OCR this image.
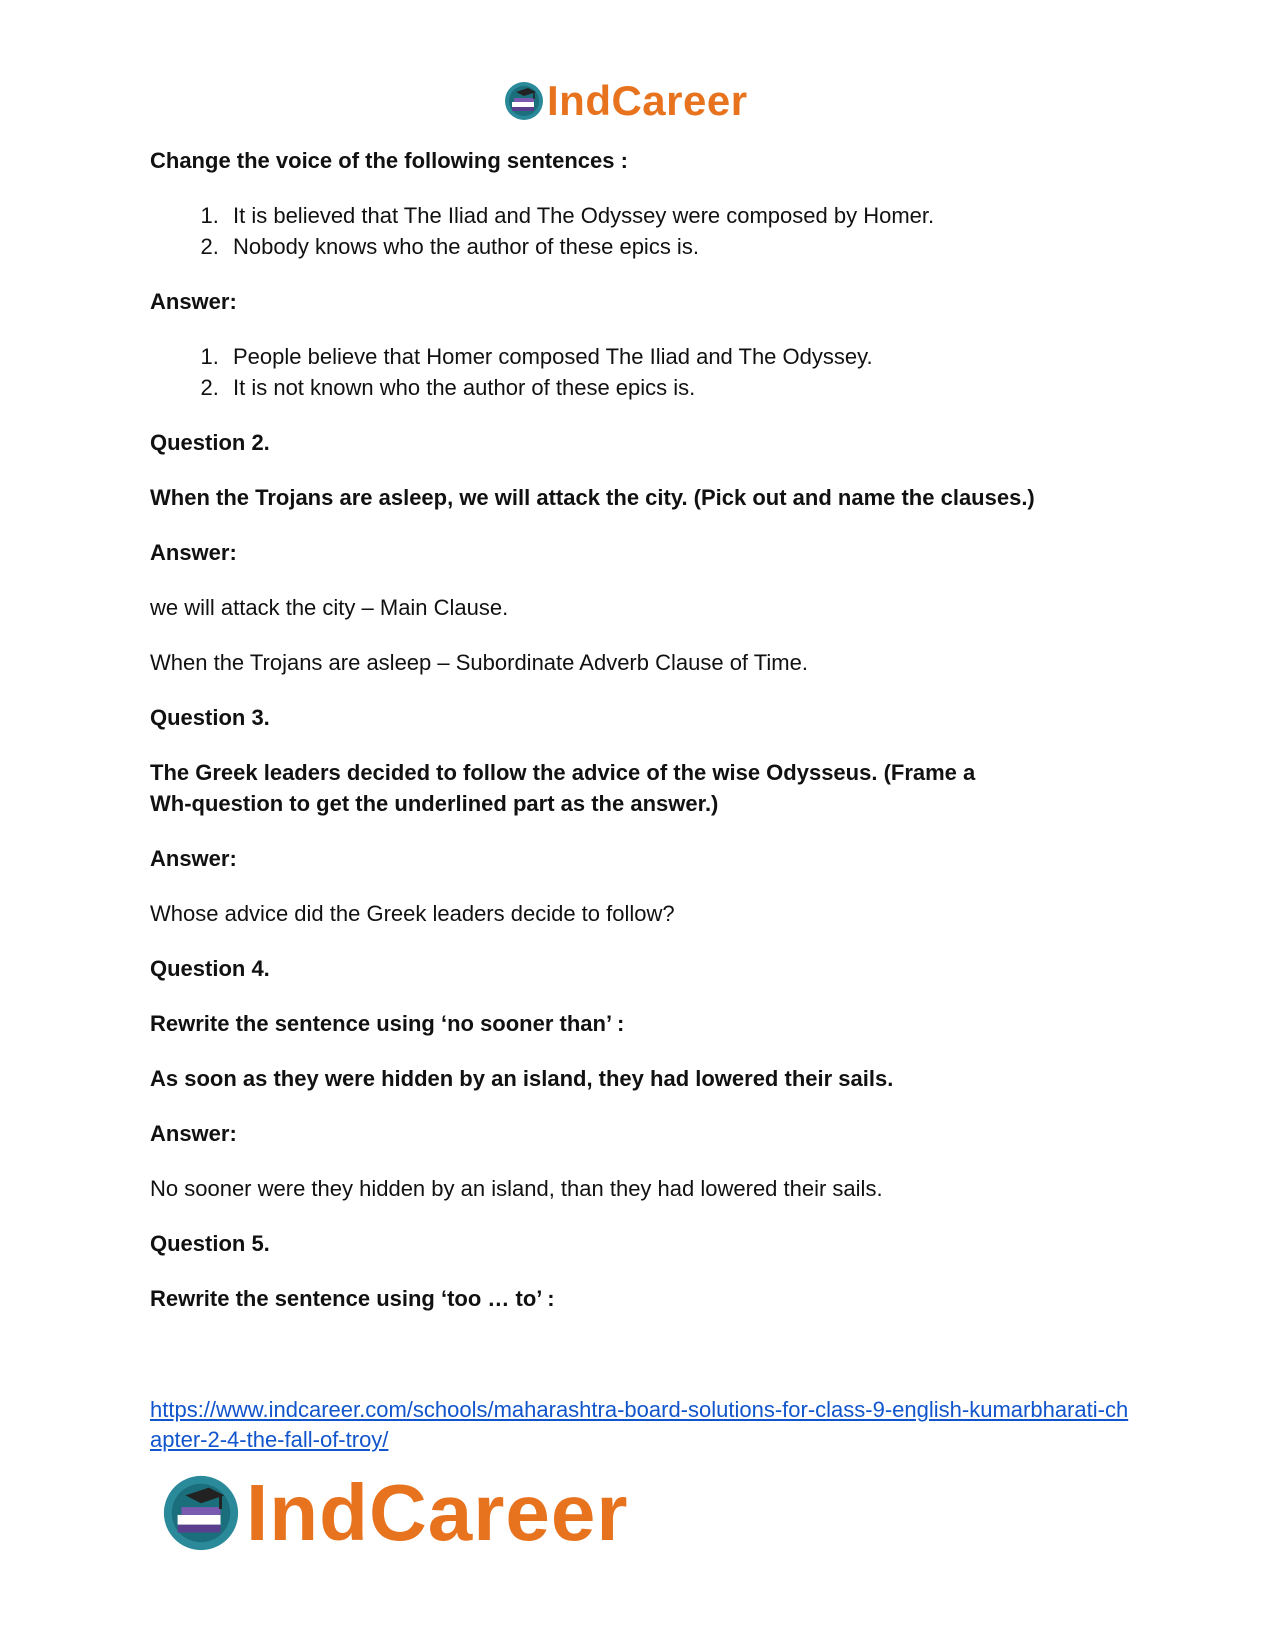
IndCareer

Change the voice of the following sentences :

1. It is believed that The Iliad and The Odyssey were composed by Homer.
2. Nobody knows who the author of these epics is.

Answer:

1. People believe that Homer composed The Iliad and The Odyssey.
2. It is not known who the author of these epics is.

Question 2.

When the Trojans are asleep, we will attack the city. (Pick out and name the clauses.)

Answer:

we will attack the city – Main Clause.

When the Trojans are asleep – Subordinate Adverb Clause of Time.

Question 3.

The Greek leaders decided to follow the advice of the wise Odysseus. (Frame a Wh-question to get the underlined part as the answer.)

Answer:

Whose advice did the Greek leaders decide to follow?

Question 4.

Rewrite the sentence using ‘no sooner than’ :

As soon as they were hidden by an island, they had lowered their sails.

Answer:

No sooner were they hidden by an island, than they had lowered their sails.

Question 5.

Rewrite the sentence using ‘too … to’ :

https://www.indcareer.com/schools/maharashtra-board-solutions-for-class-9-english-kumarbharati-chapter-2-4-the-fall-of-troy/
IndCareer
